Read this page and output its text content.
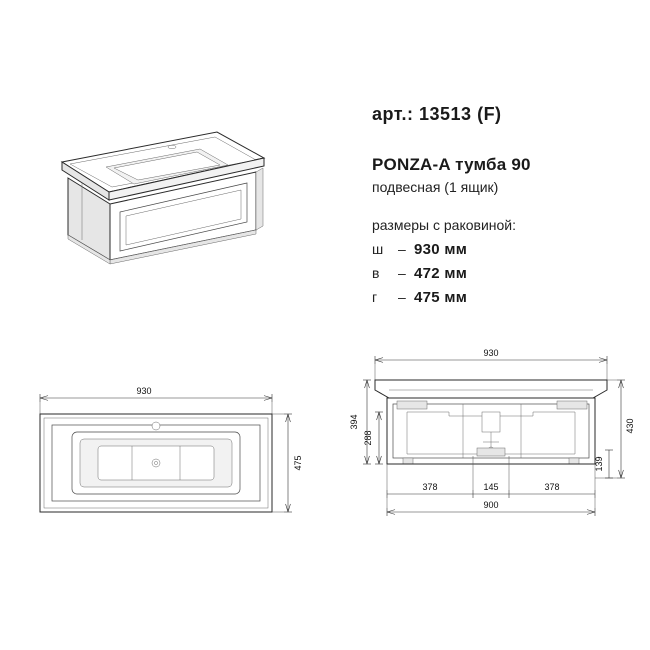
930
475
930
394
288
430
139
378	145	378
900
арт.: 13513 (F)
PONZA-A тумба 90
подвесная (1 ящик)
размеры с раковиной:
ш	– 930 мм
в	– 472 мм
г	– 475 мм
